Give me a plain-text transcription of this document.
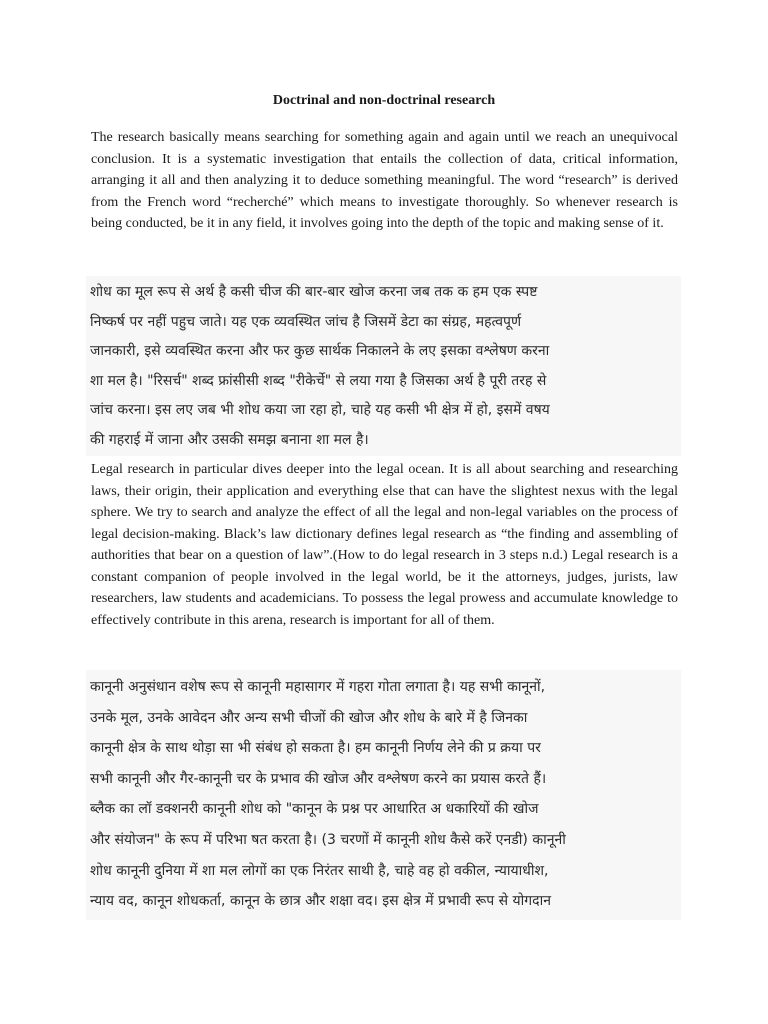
Doctrinal and non-doctrinal research

The research basically means searching for something again and again until we reach an unequivocal conclusion. It is a systematic investigation that entails the collection of data, critical information, arranging it all and then analyzing it to deduce something meaningful. The word “research” is derived from the French word “recherché” which means to investigate thoroughly. So whenever research is being conducted, be it in any field, it involves going into the depth of the topic and making sense of it.

शोध का मूल रूप से अर्थ है कसी चीज की बार-बार खोज करना जब तक क हम एक स्पष्ट
निष्कर्ष पर नहीं पहुच जाते। यह एक व्यवस्थित जांच है जिसमें डेटा का संग्रह, महत्वपूर्ण
जानकारी, इसे व्यवस्थित करना और फर कुछ सार्थक निकालने के लए इसका वश्लेषण करना
शा मल है। "रिसर्च" शब्द फ्रांसीसी शब्द "रीकेर्चे" से लया गया है जिसका अर्थ है पूरी तरह से
जांच करना। इस लए जब भी शोध कया जा रहा हो, चाहे यह कसी भी क्षेत्र में हो, इसमें वषय
की गहराई में जाना और उसकी समझ बनाना शा मल है।

Legal research in particular dives deeper into the legal ocean. It is all about searching and researching laws, their origin, their application and everything else that can have the slightest nexus with the legal sphere. We try to search and analyze the effect of all the legal and non-legal variables on the process of legal decision-making. Black’s law dictionary defines legal research as “the finding and assembling of authorities that bear on a question of law”.(How to do legal research in 3 steps n.d.) Legal research is a constant companion of people involved in the legal world, be it the attorneys, judges, jurists, law researchers, law students and academicians. To possess the legal prowess and accumulate knowledge to effectively contribute in this arena, research is important for all of them.

कानूनी अनुसंधान वशेष रूप से कानूनी महासागर में गहरा गोता लगाता है। यह सभी कानूनों,
उनके मूल, उनके आवेदन और अन्य सभी चीजों की खोज और शोध के बारे में है जिनका
कानूनी क्षेत्र के साथ थोड़ा सा भी संबंध हो सकता है। हम कानूनी निर्णय लेने की प्र क्रया पर
सभी कानूनी और गैर-कानूनी चर के प्रभाव की खोज और वश्लेषण करने का प्रयास करते हैं।
ब्लैक का लॉ डक्शनरी कानूनी शोध को "कानून के प्रश्न पर आधारित अ धकारियों की खोज
और संयोजन" के रूप में परिभा षत करता है। (3 चरणों में कानूनी शोध कैसे करें एनडी) कानूनी
शोध कानूनी दुनिया में शा मल लोगों का एक निरंतर साथी है, चाहे वह हो वकील, न्यायाधीश,
न्याय वद, कानून शोधकर्ता, कानून के छात्र और शक्षा वद। इस क्षेत्र में प्रभावी रूप से योगदान
